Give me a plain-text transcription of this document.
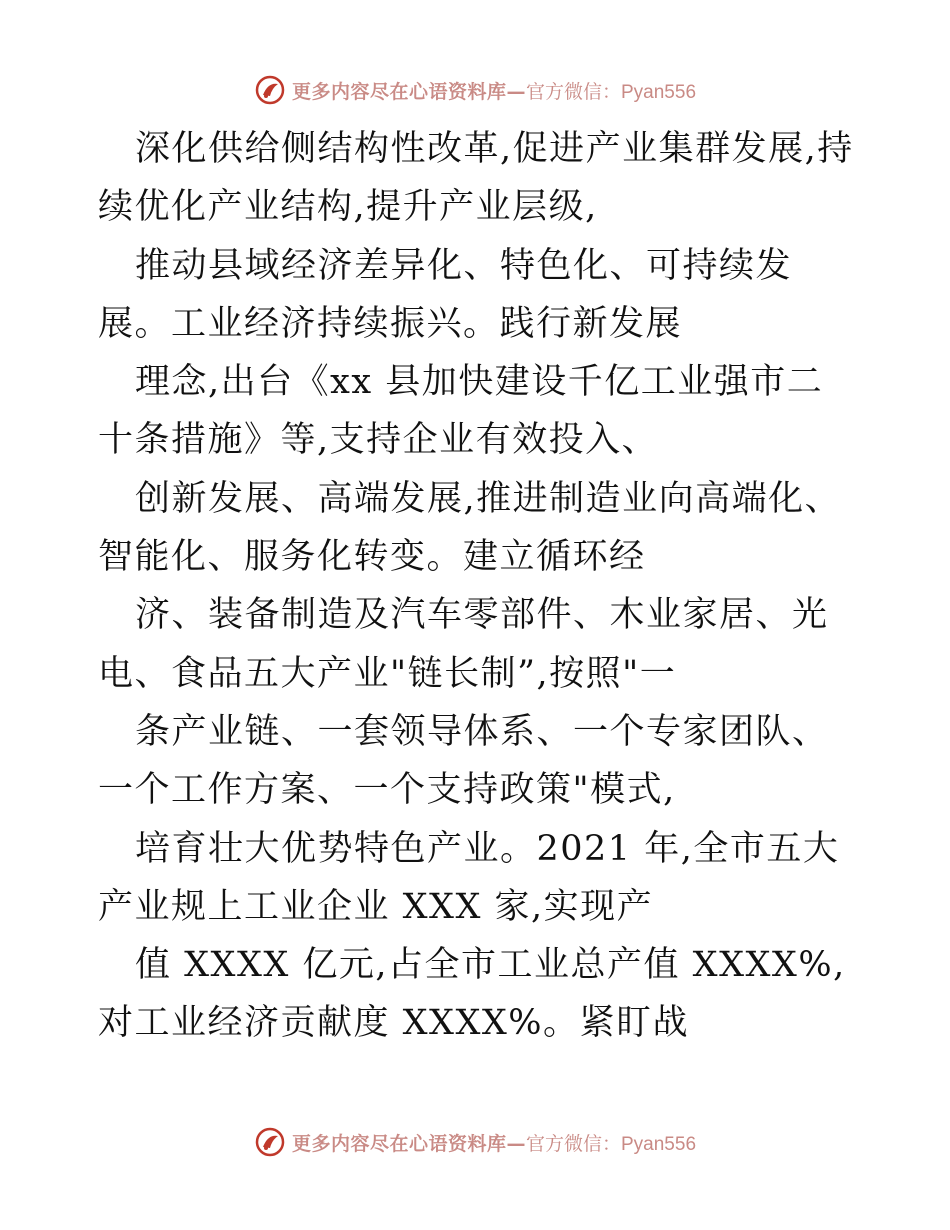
更多内容尽在心语资料库— 官方微信：Pyan556

深化供给侧结构性改革,促进产业集群发展,持续优化产业结构,提升产业层级,

推动县域经济差异化、特色化、可持续发展。工业经济持续振兴。践行新发展

理念,出台《xx 县加快建设千亿工业强市二十条措施》等,支持企业有效投入、

创新发展、高端发展,推进制造业向高端化、智能化、服务化转变。建立循环经

济、装备制造及汽车零部件、木业家居、光电、食品五大产业"链长制”,按照"一

条产业链、一套领导体系、一个专家团队、一个工作方案、一个支持政策"模式,

培育壮大优势特色产业。2021 年,全市五大产业规上工业企业 XXX 家,实现产

值 XXXX 亿元,占全市工业总产值 XXXX%,对工业经济贡献度 XXXX%。紧盯战

更多内容尽在心语资料库— 官方微信：Pyan556
